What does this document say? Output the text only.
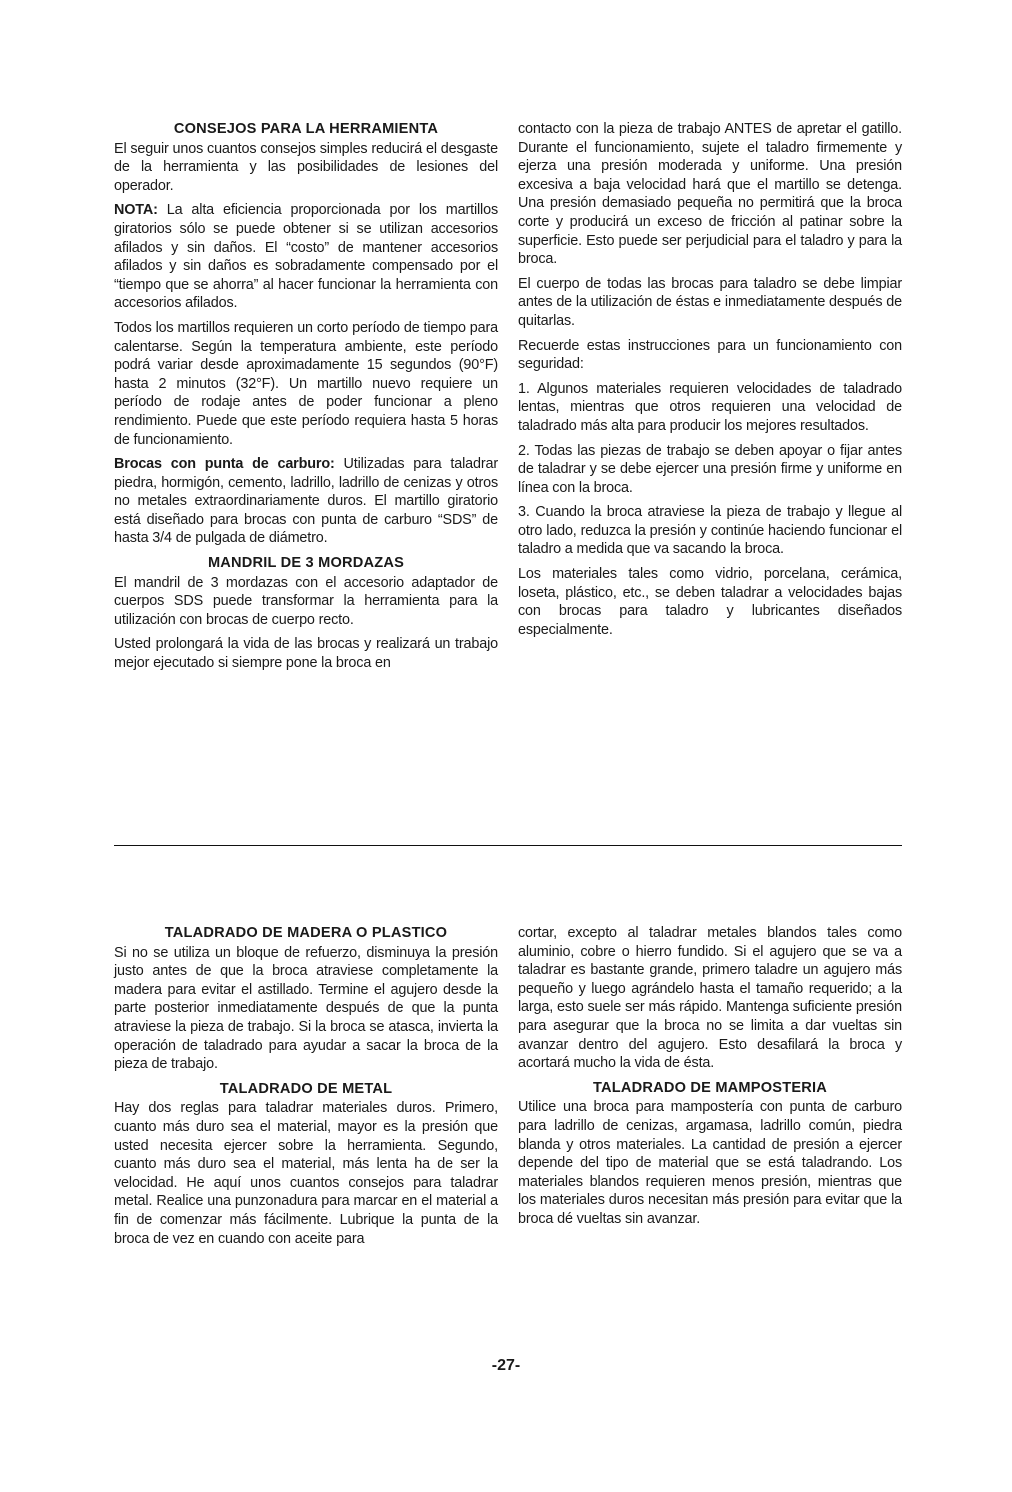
CONSEJOS PARA LA HERRAMIENTA

El seguir unos cuantos consejos simples reducirá el desgaste de la herramienta y las posibilidades de lesiones del operador.

NOTA: La alta eficiencia proporcionada por los martillos giratorios sólo se puede obtener si se utilizan accesorios afilados y sin daños. El “costo” de mantener accesorios afilados y sin daños es sobradamente compensado por el “tiempo que se ahorra” al hacer funcionar la herramienta con accesorios afilados.

Todos los martillos requieren un corto período de tiempo para calentarse. Según la temperatura ambiente, este período podrá variar desde aproximadamente 15 segundos (90°F) hasta 2 minutos (32°F). Un martillo nuevo requiere un período de rodaje antes de poder funcionar a pleno rendimiento. Puede que este período requiera hasta 5 horas de funcionamiento.

Brocas con punta de carburo: Utilizadas para taladrar piedra, hormigón, cemento, ladrillo, ladrillo de cenizas y otros no metales extraordinariamente duros. El martillo giratorio está diseñado para brocas con punta de carburo “SDS” de hasta 3/4 de pulgada de diámetro.

MANDRIL DE 3 MORDAZAS

El mandril de 3 mordazas con el accesorio adaptador de cuerpos SDS puede transformar la herramienta para la utilización con brocas de cuerpo recto.

Usted prolongará la vida de las brocas y realizará un trabajo mejor ejecutado si siempre pone la broca en

contacto con la pieza de trabajo ANTES de apretar el gatillo. Durante el funcionamiento, sujete el taladro firmemente y ejerza una presión moderada y uniforme. Una presión excesiva a baja velocidad hará que el martillo se detenga. Una presión demasiado pequeña no permitirá que la broca corte y producirá un exceso de fricción al patinar sobre la superficie. Esto puede ser perjudicial para el taladro y para la broca.

El cuerpo de todas las brocas para taladro se debe limpiar antes de la utilización de éstas e inmediatamente después de quitarlas.

Recuerde estas instrucciones para un funcionamiento con seguridad:

1. Algunos materiales requieren velocidades de taladrado lentas, mientras que otros requieren una velocidad de taladrado más alta para producir los mejores resultados.

2. Todas las piezas de trabajo se deben apoyar o fijar antes de taladrar y se debe ejercer una presión firme y uniforme en línea con la broca.

3. Cuando la broca atraviese la pieza de trabajo y llegue al otro lado, reduzca la presión y continúe haciendo funcionar el taladro a medida que va sacando la broca.

Los materiales tales como vidrio, porcelana, cerámica, loseta, plástico, etc., se deben taladrar a velocidades bajas con brocas para taladro y lubricantes diseñados especialmente.

TALADRADO DE MADERA O PLASTICO

Si no se utiliza un bloque de refuerzo, disminuya la presión justo antes de que la broca atraviese completamente la madera para evitar el astillado. Termine el agujero desde la parte posterior inmediatamente después de que la punta atraviese la pieza de trabajo. Si la broca se atasca, invierta la operación de taladrado para ayudar a sacar la broca de la pieza de trabajo.

TALADRADO DE METAL

Hay dos reglas para taladrar materiales duros. Primero, cuanto más duro sea el material, mayor es la presión que usted necesita ejercer sobre la herramienta. Segundo, cuanto más duro sea el material, más lenta ha de ser la velocidad. He aquí unos cuantos consejos para taladrar metal. Realice una punzonadura para marcar en el material a fin de comenzar más fácilmente. Lubrique la punta de la broca de vez en cuando con aceite para

cortar, excepto al taladrar metales blandos tales como aluminio, cobre o hierro fundido. Si el agujero que se va a taladrar es bastante grande, primero taladre un agujero más pequeño y luego agrándelo hasta el tamaño requerido; a la larga, esto suele ser más rápido. Mantenga suficiente presión para asegurar que la broca no se limita a dar vueltas sin avanzar dentro del agujero. Esto desafilará la broca y acortará mucho la vida de ésta.

TALADRADO DE MAMPOSTERIA

Utilice una broca para mampostería con punta de carburo para ladrillo de cenizas, argamasa, ladrillo común, piedra blanda y otros materiales. La cantidad de presión a ejercer depende del tipo de material que se está taladrando. Los materiales blandos requieren menos presión, mientras que los materiales duros necesitan más presión para evitar que la broca dé vueltas sin avanzar.

-27-
